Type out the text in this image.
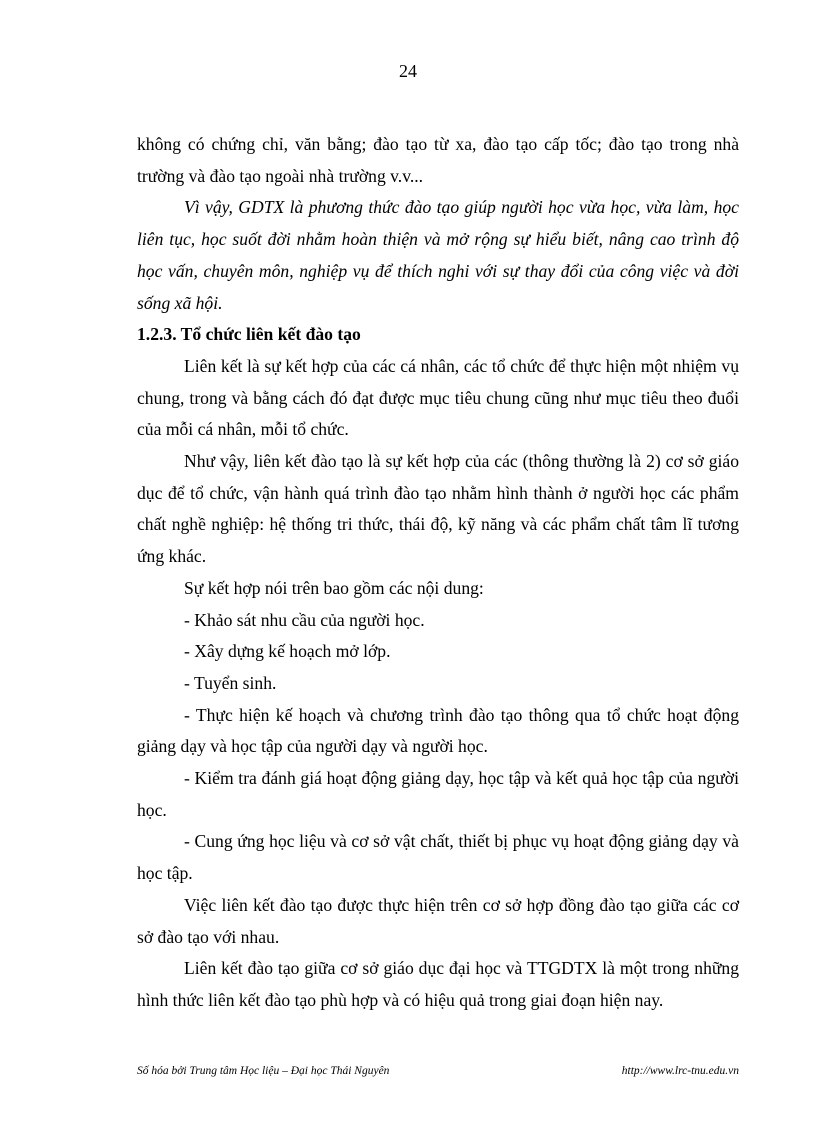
24

không có chứng chỉ, văn bằng; đào tạo từ xa, đào tạo cấp tốc; đào tạo trong nhà trường và đào tạo ngoài nhà trường v.v...

Vì vậy, GDTX là phương thức đào tạo giúp người học vừa học, vừa làm, học liên tục, học suốt đời nhằm hoàn thiện và mở rộng sự hiểu biết, nâng cao trình độ học vấn, chuyên môn, nghiệp vụ để thích nghi với sự thay đổi của công việc và đời sống xã hội.

1.2.3. Tổ chức liên kết đào tạo

Liên kết là sự kết hợp của các cá nhân, các tổ chức để thực hiện một nhiệm vụ chung, trong và bằng cách đó đạt được mục tiêu chung cũng như mục tiêu theo đuổi của mỗi cá nhân, mỗi tổ chức.

Như vậy, liên kết đào tạo là sự kết hợp của các (thông thường là 2) cơ sở giáo dục để tổ chức, vận hành quá trình đào tạo nhằm hình thành ở người học các phẩm chất nghề nghiệp: hệ thống tri thức, thái độ, kỹ năng và các phẩm chất tâm lĩ tương ứng khác.

Sự kết hợp nói trên bao gồm các nội dung:

- Khảo sát nhu cầu của người học.

- Xây dựng kế hoạch mở lớp.

- Tuyển sinh.

- Thực hiện kế hoạch và chương trình đào tạo thông qua tổ chức hoạt động giảng dạy và học tập của người dạy và người học.

- Kiểm tra đánh giá hoạt động giảng dạy, học tập và kết quả học tập của người học.

- Cung ứng học liệu và cơ sở vật chất, thiết bị phục vụ hoạt động giảng dạy và học tập.

Việc liên kết đào tạo được thực hiện trên cơ sở hợp đồng đào tạo giữa các cơ sở đào tạo với nhau.

Liên kết đào tạo giữa cơ sở giáo dục đại học và TTGDTX là một trong những hình thức liên kết đào tạo phù hợp và có hiệu quả trong giai đoạn hiện nay.

Số hóa bởi Trung tâm Học liệu – Đại học Thái Nguyên	http://www.lrc-tnu.edu.vn
